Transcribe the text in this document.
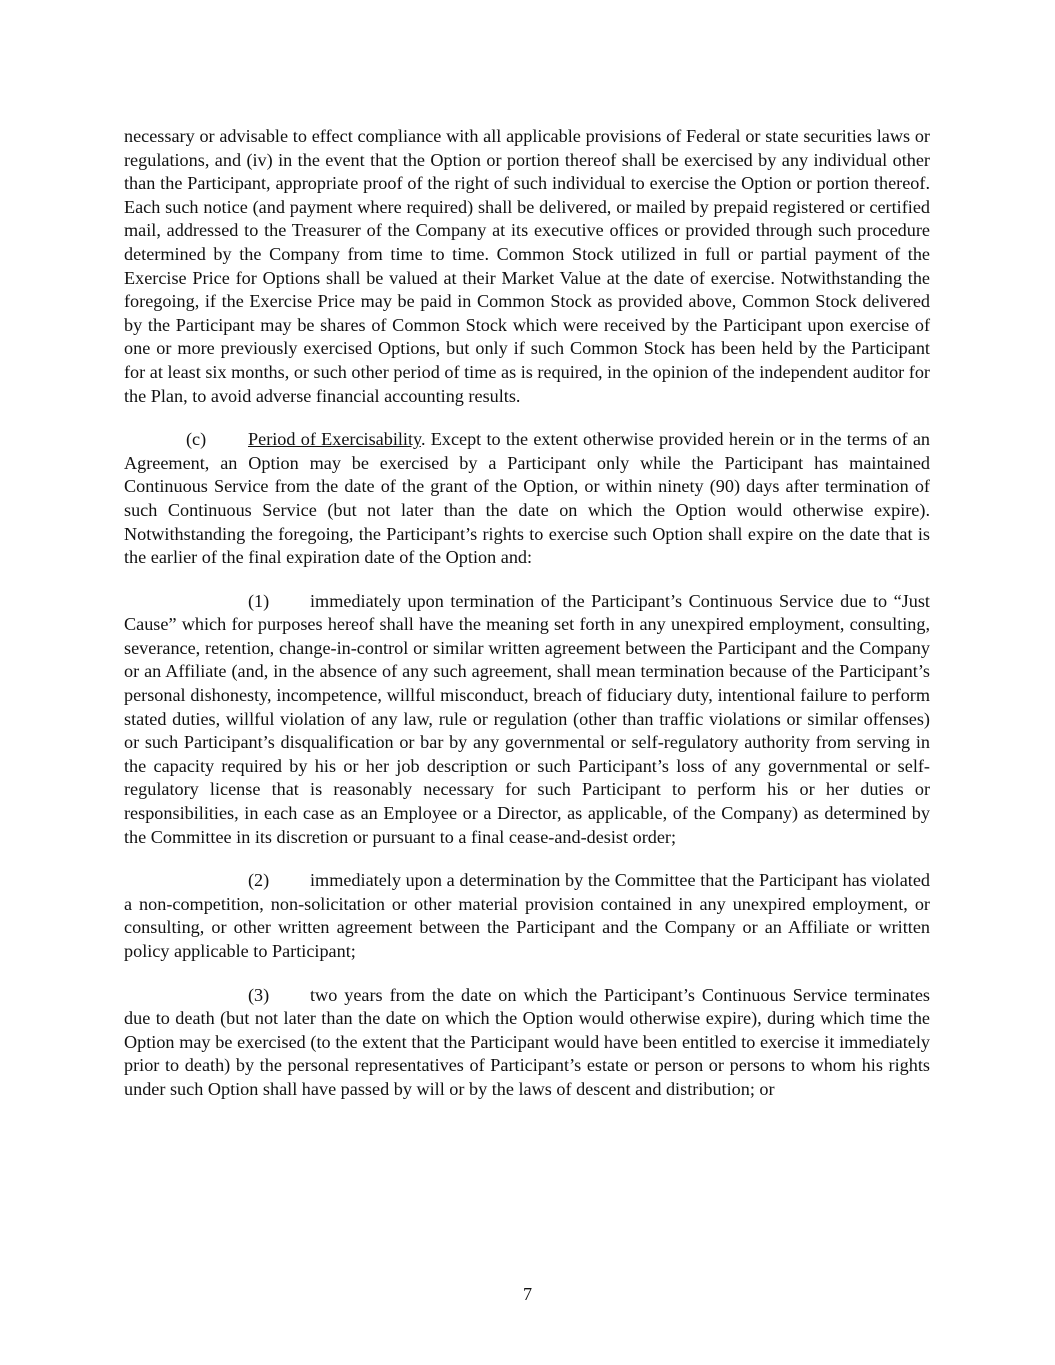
necessary or advisable to effect compliance with all applicable provisions of Federal or state securities laws or regulations, and (iv) in the event that the Option or portion thereof shall be exercised by any individual other than the Participant, appropriate proof of the right of such individual to exercise the Option or portion thereof. Each such notice (and payment where required) shall be delivered, or mailed by prepaid registered or certified mail, addressed to the Treasurer of the Company at its executive offices or provided through such procedure determined by the Company from time to time. Common Stock utilized in full or partial payment of the Exercise Price for Options shall be valued at their Market Value at the date of exercise. Notwithstanding the foregoing, if the Exercise Price may be paid in Common Stock as provided above, Common Stock delivered by the Participant may be shares of Common Stock which were received by the Participant upon exercise of one or more previously exercised Options, but only if such Common Stock has been held by the Participant for at least six months, or such other period of time as is required, in the opinion of the independent auditor for the Plan, to avoid adverse financial accounting results.

(c) Period of Exercisability. Except to the extent otherwise provided herein or in the terms of an Agreement, an Option may be exercised by a Participant only while the Participant has maintained Continuous Service from the date of the grant of the Option, or within ninety (90) days after termination of such Continuous Service (but not later than the date on which the Option would otherwise expire). Notwithstanding the foregoing, the Participant’s rights to exercise such Option shall expire on the date that is the earlier of the final expiration date of the Option and:

(1) immediately upon termination of the Participant’s Continuous Service due to “Just Cause” which for purposes hereof shall have the meaning set forth in any unexpired employment, consulting, severance, retention, change-in-control or similar written agreement between the Participant and the Company or an Affiliate (and, in the absence of any such agreement, shall mean termination because of the Participant’s personal dishonesty, incompetence, willful misconduct, breach of fiduciary duty, intentional failure to perform stated duties, willful violation of any law, rule or regulation (other than traffic violations or similar offenses) or such Participant’s disqualification or bar by any governmental or self-regulatory authority from serving in the capacity required by his or her job description or such Participant’s loss of any governmental or self-regulatory license that is reasonably necessary for such Participant to perform his or her duties or responsibilities, in each case as an Employee or a Director, as applicable, of the Company) as determined by the Committee in its discretion or pursuant to a final cease-and-desist order;

(2) immediately upon a determination by the Committee that the Participant has violated a non-competition, non-solicitation or other material provision contained in any unexpired employment, or consulting, or other written agreement between the Participant and the Company or an Affiliate or written policy applicable to Participant;

(3) two years from the date on which the Participant’s Continuous Service terminates due to death (but not later than the date on which the Option would otherwise expire), during which time the Option may be exercised (to the extent that the Participant would have been entitled to exercise it immediately prior to death) by the personal representatives of Participant’s estate or person or persons to whom his rights under such Option shall have passed by will or by the laws of descent and distribution; or

7
